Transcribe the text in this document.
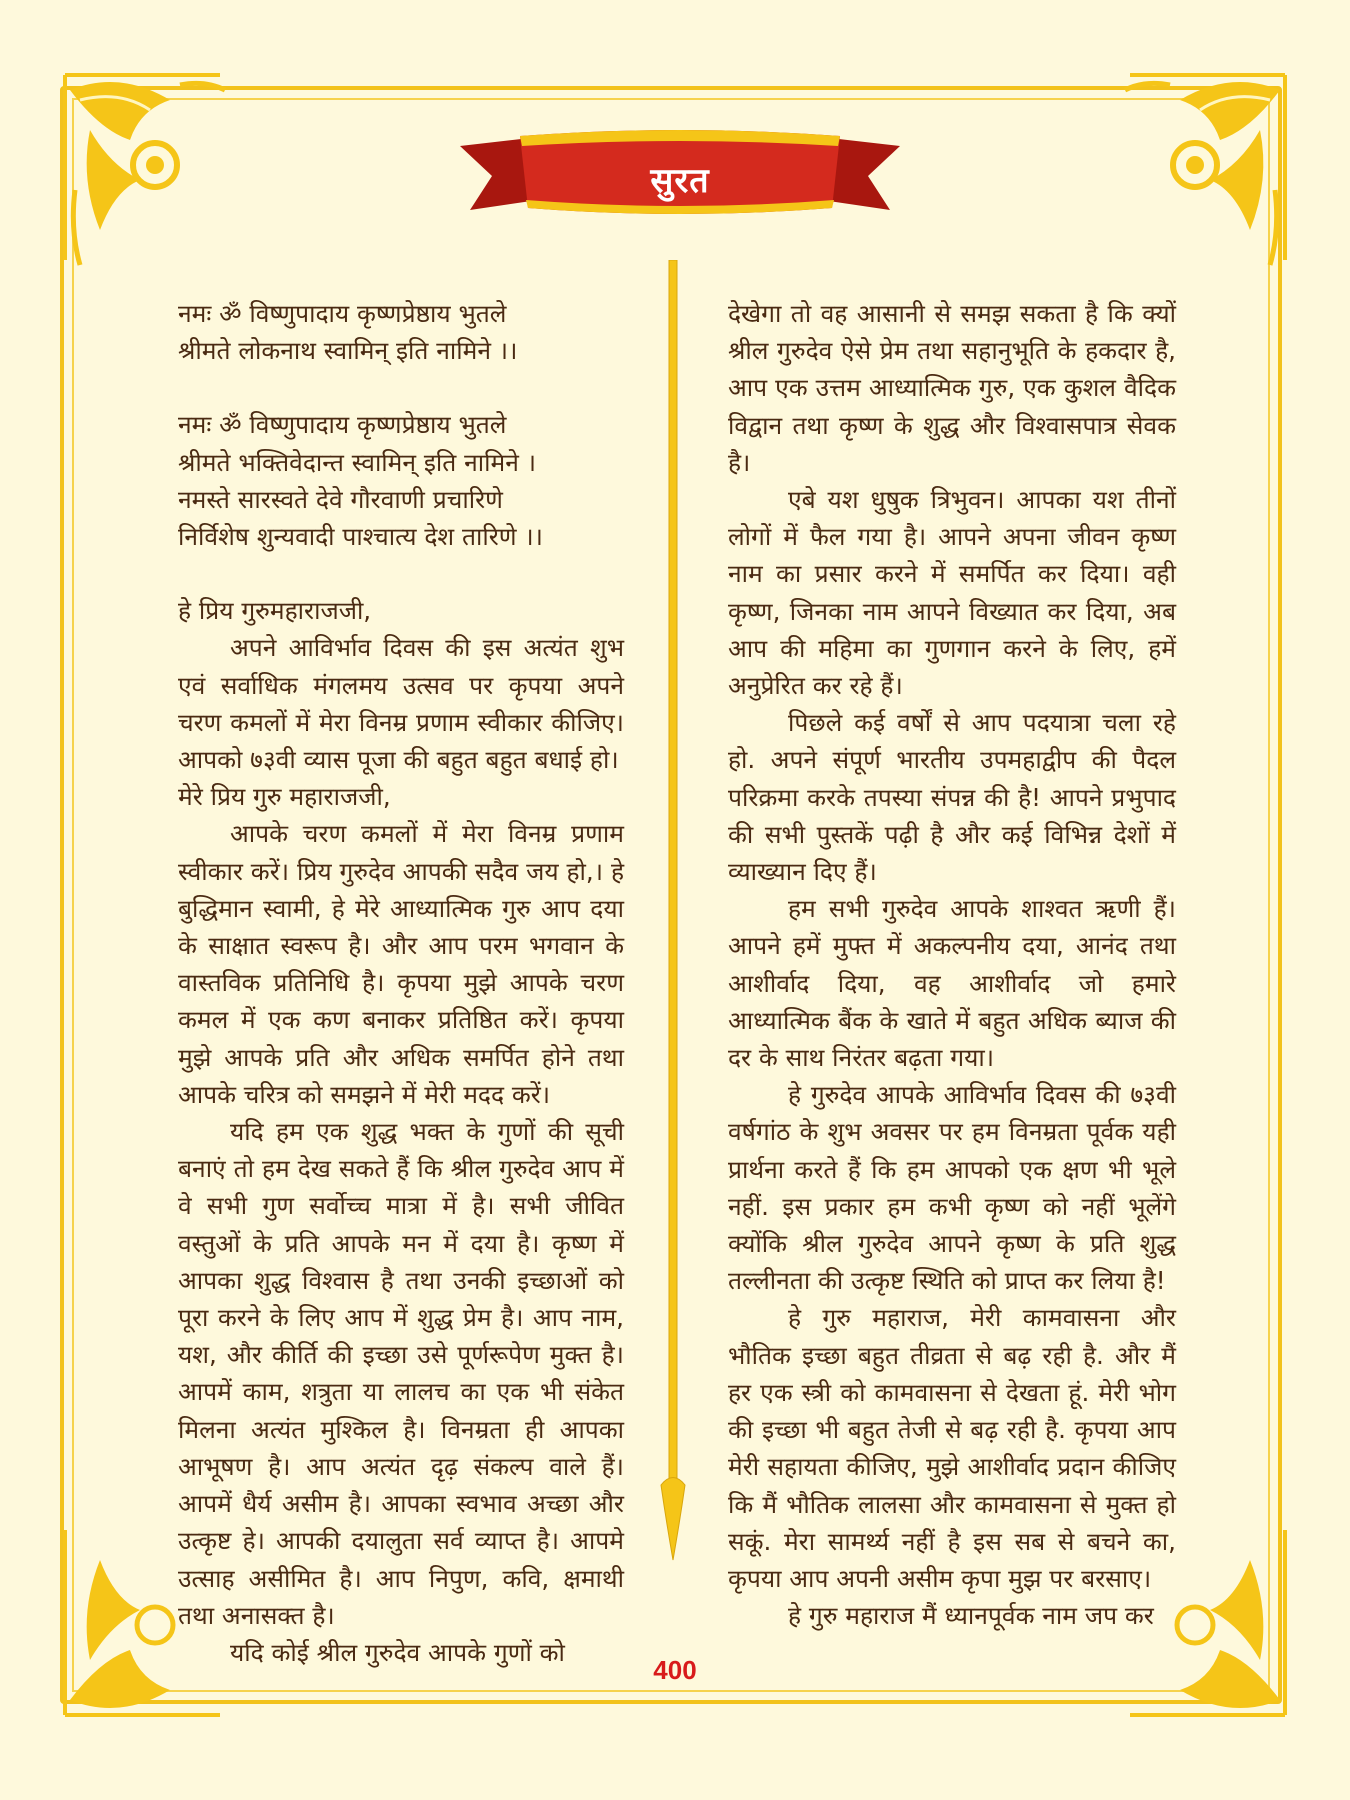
सुरत

नमः ॐ विष्णुपादाय कृष्णप्रेष्ठाय भुतले

श्रीमते लोकनाथ स्वामिन् इति नामिने ।।

नमः ॐ विष्णुपादाय कृष्णप्रेष्ठाय भुतले

श्रीमते भक्तिवेदान्त स्वामिन् इति नामिने ।

नमस्ते सारस्वते देवे गौरवाणी प्रचारिणे

निर्विशेष शुन्यवादी पाश्चात्य देश तारिणे ।।

हे प्रिय गुरुमहाराजजी,

अपने आविर्भाव दिवस की इस अत्यंत शुभ एवं सर्वाधिक मंगलमय उत्सव पर कृपया अपने चरण कमलों में मेरा विनम्र प्रणाम स्वीकार कीजिए। आपको ७३वी व्यास पूजा की बहुत बहुत बधाई हो।

मेरे प्रिय गुरु महाराजजी,

आपके चरण कमलों में मेरा विनम्र प्रणाम स्वीकार करें। प्रिय गुरुदेव आपकी सदैव जय हो,। हे बुद्धिमान स्वामी, हे मेरे आध्यात्मिक गुरु आप दया के साक्षात स्वरूप है। और आप परम भगवान के वास्तविक प्रतिनिधि है। कृपया मुझे आपके चरण कमल में एक कण बनाकर प्रतिष्ठित करें। कृपया मुझे आपके प्रति और अधिक समर्पित होने तथा आपके चरित्र को समझने में मेरी मदद करें।

यदि हम एक शुद्ध भक्त के गुणों की सूची बनाएं तो हम देख सकते हैं कि श्रील गुरुदेव आप में वे सभी गुण सर्वोच्च मात्रा में है। सभी जीवित वस्तुओं के प्रति आपके मन में दया है। कृष्ण में आपका शुद्ध विश्वास है तथा उनकी इच्छाओं को पूरा करने के लिए आप में शुद्ध प्रेम है। आप नाम, यश, और कीर्ति की इच्छा उसे पूर्णरूपेण मुक्त है। आपमें काम, शत्रुता या लालच का एक भी संकेत मिलना अत्यंत मुश्किल है। विनम्रता ही आपका आभूषण है। आप अत्यंत दृढ़ संकल्प वाले हैं। आपमें धैर्य असीम है। आपका स्वभाव अच्छा और उत्कृष्ट हे। आपकी दयालुता सर्व व्याप्त है। आपमे उत्साह असीमित है। आप निपुण, कवि, क्षमाथी तथा अनासक्त है।

यदि कोई श्रील गुरुदेव आपके गुणों को

देखेगा तो वह आसानी से समझ सकता है कि क्यों श्रील गुरुदेव ऐसे प्रेम तथा सहानुभूति के हकदार है, आप एक उत्तम आध्यात्मिक गुरु, एक कुशल वैदिक विद्वान तथा कृष्ण के शुद्ध और विश्वासपात्र सेवक है।

एबे यश धुषुक त्रिभुवन। आपका यश तीनों लोगों में फैल गया है। आपने अपना जीवन कृष्ण नाम का प्रसार करने में समर्पित कर दिया। वही कृष्ण, जिनका नाम आपने विख्यात कर दिया, अब आप की महिमा का गुणगान करने के लिए, हमें अनुप्रेरित कर रहे हैं।

पिछले कई वर्षों से आप पदयात्रा चला रहे हो. अपने संपूर्ण भारतीय उपमहाद्वीप की पैदल परिक्रमा करके तपस्या संपन्न की है! आपने प्रभुपाद की सभी पुस्तकें पढ़ी है और कई विभिन्न देशों में व्याख्यान दिए हैं।

हम सभी गुरुदेव आपके शाश्वत ऋणी हैं। आपने हमें मुफ्त में अकल्पनीय दया, आनंद तथा आशीर्वाद दिया, वह आशीर्वाद जो हमारे आध्यात्मिक बैंक के खाते में बहुत अधिक ब्याज की दर के साथ निरंतर बढ़ता गया।

हे गुरुदेव आपके आविर्भाव दिवस की ७३वी वर्षगांठ के शुभ अवसर पर हम विनम्रता पूर्वक यही प्रार्थना करते हैं कि हम आपको एक क्षण भी भूले नहीं. इस प्रकार हम कभी कृष्ण को नहीं भूलेंगे क्योंकि श्रील गुरुदेव आपने कृष्ण के प्रति शुद्ध तल्लीनता की उत्कृष्ट स्थिति को प्राप्त कर लिया है!

हे गुरु महाराज, मेरी कामवासना और भौतिक इच्छा बहुत तीव्रता से बढ़ रही है. और मैं हर एक स्त्री को कामवासना से देखता हूं. मेरी भोग की इच्छा भी बहुत तेजी से बढ़ रही है. कृपया आप मेरी सहायता कीजिए, मुझे आशीर्वाद प्रदान कीजिए कि मैं भौतिक लालसा और कामवासना से मुक्त हो सकूं. मेरा सामर्थ्य नहीं है इस सब से बचने का, कृपया आप अपनी असीम कृपा मुझ पर बरसाए।

हे गुरु महाराज मैं ध्यानपूर्वक नाम जप कर

400
